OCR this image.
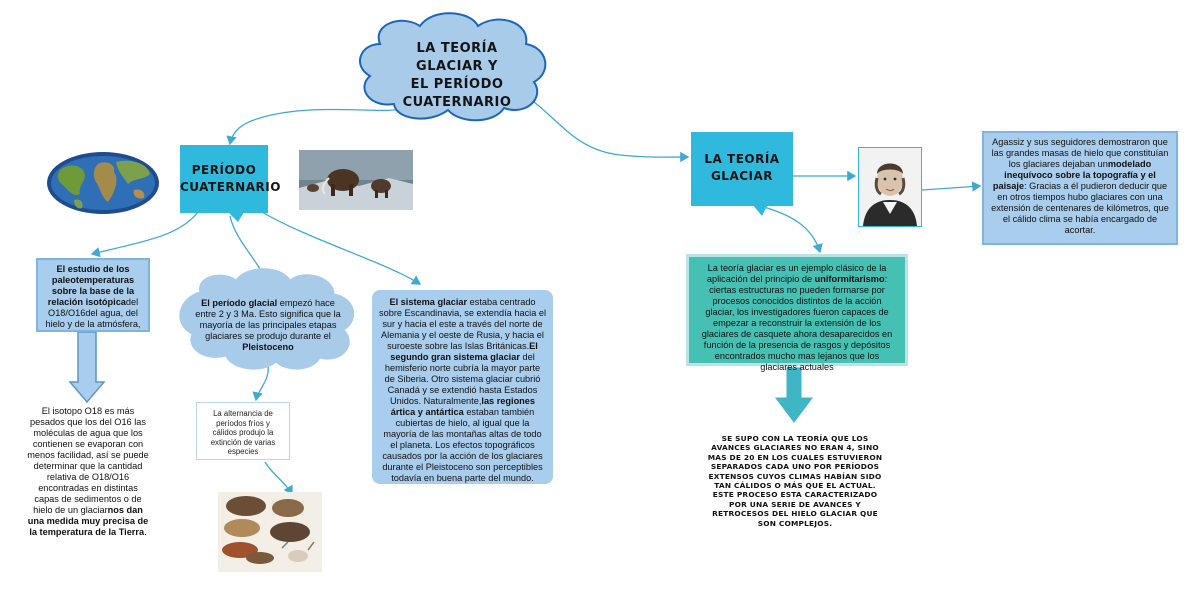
LA TEORÍA GLACIAR Y
EL PERÍODO
CUATERNARIO
PERÍODO
CUATERNARIO
El estudio de los paleotemperaturas sobre la base de la relación isotópicadel O18/O16del agua, del hielo y de la atmósfera,
El isotopo O18 es más pesados que los del O16 las moléculas de agua que los contienen se evaporan con menos facilidad, así se puede determinar que la cantidad relativa de O18/O16 encontradas en distintas capas de sedimentos o de hielo de un glaciarnos dan una medida muy precisa de la temperatura de la Tierra.
El período glacial empezó hace entre 2 y 3 Ma. Esto significa que la mayoría de las principales etapas glaciares se produjo durante el Pleistoceno
La alternancia de períodos fríos y cálidos produjo la extinción de varias especies
El sistema glaciar estaba centrado sobre Escandinavia, se extendía hacia el sur y hacia el este a través del norte de Alemania y el oeste de Rusia, y hacia el suroeste sobre las Islas Británicas.El segundo gran sistema glaciar del hemisferio norte cubría la mayor parte de Siberia. Otro sistema glaciar cubrió Canadá y se extendió hasta Estados Unidos. Naturalmente,las regiones ártica y antártica estaban también cubiertas de hielo, al igual que la mayoría de las montañas altas de todo el planeta. Los efectos topográficos causados por la acción de los glaciares durante el Pleistoceno son perceptibles todavía en buena parte del mundo.
LA TEORÍA
GLACIAR
Agassiz y sus seguidores demostraron que las grandes masas de hielo que constituían los glaciares dejaban unmodelado inequívoco sobre la topografía y el paisaje: Gracias a él pudieron deducir que en otros tiempos hubo glaciares con una extensión de centenares de kilómetros, que el cálido clima se había encargado de acortar.
La teoría glaciar es un ejemplo clásico de la aplicación del principio de uniformitarismo: ciertas estructuras no pueden formarse por procesos conocidos distintos de la acción glaciar, los investigadores fueron capaces de empezar a reconstruir la extensión de los glaciares de casquete ahora desaparecidos en función de la presencia de rasgos y depósitos encontrados mucho mas lejanos que los glaciares actuales
SE SUPO CON LA TEORÍA QUE LOS AVANCES GLACIARES NO ERAN 4, SINO MAS DE 20 EN LOS CUALES ESTUVIERON SEPARADOS CADA UNO POR PERÍODOS EXTENSOS CUYOS CLIMAS HABÍAN SIDO TAN CÁLIDOS O MÁS QUE EL ACTUAL. ESTE PROCESO ESTA CARACTERIZADO POR UNA SERIE DE AVANCES Y RETROCESOS DEL HIELO GLACIAR QUE SON COMPLEJOS.
